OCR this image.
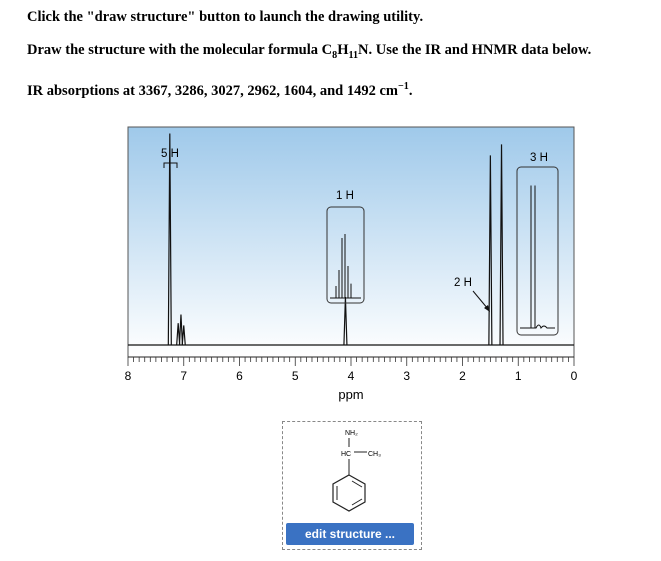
Click the "draw structure" button to launch the drawing utility.
Draw the structure with the molecular formula $C_8H_{11}N$. Use the IR and HNMR data below.
IR absorptions at 3367, 3286, 3027, 2962, 1604, and 1492 $cm^{-1}$.
8	7	6	5	4	3	2	1	0
ppm
5 H
1 H
2 H
3 H
NH₂
HC CH₃
edit structure ...
